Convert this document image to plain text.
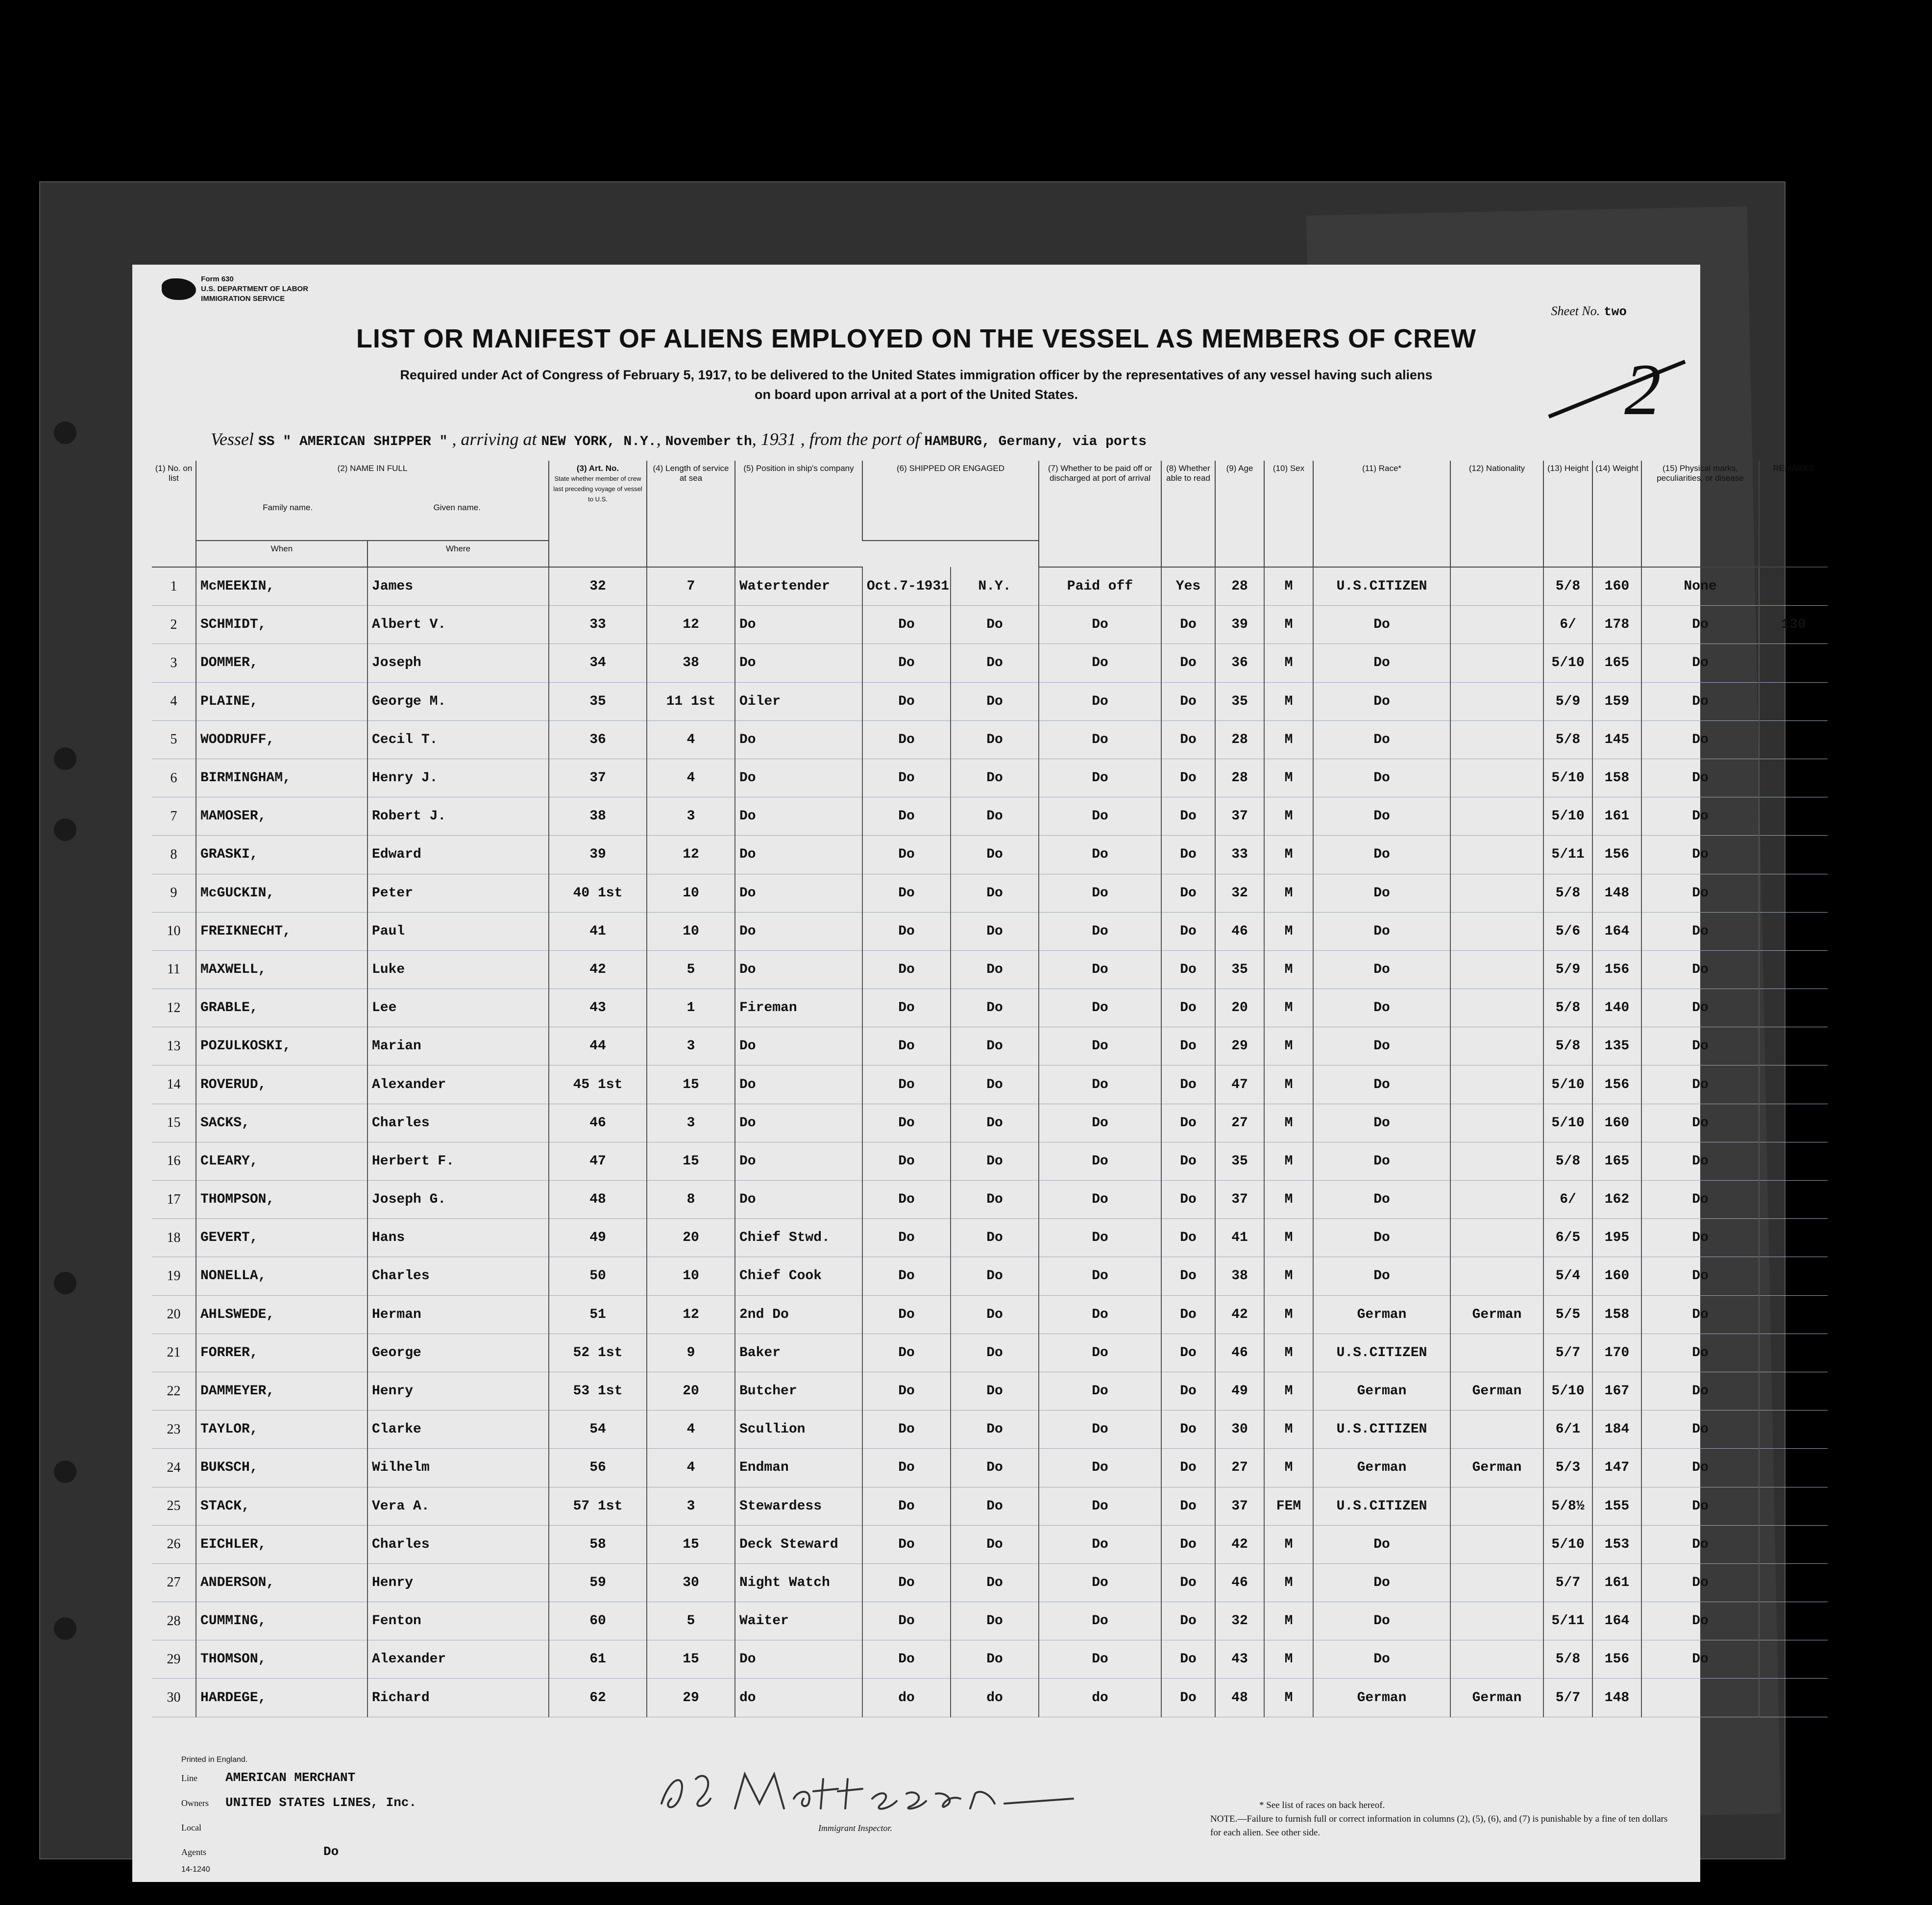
Form 630
U.S. DEPARTMENT OF LABOR
IMMIGRATION SERVICE
Sheet No. two
2
LIST OR MANIFEST OF ALIENS EMPLOYED ON THE VESSEL AS MEMBERS OF CREW
Required under Act of Congress of February 5, 1917, to be delivered to the United States immigration officer by the representatives of any vessel having such aliens
on board upon arrival at a port of the United States.
Vessel SS " AMERICAN SHIPPER " , arriving at NEW YORK, N.Y., November th, 1931 , from the port of HAMBURG, Germany, via ports
(1) No. on list	(2) NAME IN FULL

Family name. Given name.		(3) Art. No.
State whether member of crew last preceding voyage of vessel to U.S.	(4) Length of service at sea	(5) Position in ship's company	(6) SHIPPED OR ENGAGED		(7) Whether to be paid off or discharged at port of arrival	(8) Whether able to read	(9) Age	(10) Sex	(11) Race*	(12) Nationality	(13) Height	(14) Weight	(15) Physical marks, peculiarities, or disease	REMARKS
	When	Where															
1	McMEEKIN,	James	32	7	Watertender	Oct.7-1931	N.Y.	Paid off	Yes	28	M	U.S.CITIZEN		5/8	160	None	
2	SCHMIDT,	Albert V.	33	12	Do	Do	Do	Do	Do	39	M	Do		6/	178	Do	130
3	DOMMER,	Joseph	34	38	Do	Do	Do	Do	Do	36	M	Do		5/10	165	Do	
4	PLAINE,	George M.	35	11 1st	Oiler	Do	Do	Do	Do	35	M	Do		5/9	159	Do	
5	WOODRUFF,	Cecil T.	36	4	Do	Do	Do	Do	Do	28	M	Do		5/8	145	Do	
6	BIRMINGHAM,	Henry J.	37	4	Do	Do	Do	Do	Do	28	M	Do		5/10	158	Do	
7	MAMOSER,	Robert J.	38	3	Do	Do	Do	Do	Do	37	M	Do		5/10	161	Do	
8	GRASKI,	Edward	39	12	Do	Do	Do	Do	Do	33	M	Do		5/11	156	Do	
9	McGUCKIN,	Peter	40 1st	10	Do	Do	Do	Do	Do	32	M	Do		5/8	148	Do	
10	FREIKNECHT,	Paul	41	10	Do	Do	Do	Do	Do	46	M	Do		5/6	164	Do	
11	MAXWELL,	Luke	42	5	Do	Do	Do	Do	Do	35	M	Do		5/9	156	Do	
12	GRABLE,	Lee	43	1	Fireman	Do	Do	Do	Do	20	M	Do		5/8	140	Do	
13	POZULKOSKI,	Marian	44	3	Do	Do	Do	Do	Do	29	M	Do		5/8	135	Do	
14	ROVERUD,	Alexander	45 1st	15	Do	Do	Do	Do	Do	47	M	Do		5/10	156	Do	
15	SACKS,	Charles	46	3	Do	Do	Do	Do	Do	27	M	Do		5/10	160	Do	
16	CLEARY,	Herbert F.	47	15	Do	Do	Do	Do	Do	35	M	Do		5/8	165	Do	
17	THOMPSON,	Joseph G.	48	8	Do	Do	Do	Do	Do	37	M	Do		6/	162	Do	
18	GEVERT,	Hans	49	20	Chief Stwd.	Do	Do	Do	Do	41	M	Do		6/5	195	Do	
19	NONELLA,	Charles	50	10	Chief Cook	Do	Do	Do	Do	38	M	Do		5/4	160	Do	
20	AHLSWEDE,	Herman	51	12	2nd Do	Do	Do	Do	Do	42	M	German	German	5/5	158	Do	
21	FORRER,	George	52 1st	9	Baker	Do	Do	Do	Do	46	M	U.S.CITIZEN		5/7	170	Do	
22	DAMMEYER,	Henry	53 1st	20	Butcher	Do	Do	Do	Do	49	M	German	German	5/10	167	Do	
23	TAYLOR,	Clarke	54	4	Scullion	Do	Do	Do	Do	30	M	U.S.CITIZEN		6/1	184	Do	
24	BUKSCH,	Wilhelm	56	4	Endman	Do	Do	Do	Do	27	M	German	German	5/3	147	Do	
25	STACK,	Vera A.	57 1st	3	Stewardess	Do	Do	Do	Do	37	FEM	U.S.CITIZEN		5/8½	155	Do	
26	EICHLER,	Charles	58	15	Deck Steward	Do	Do	Do	Do	42	M	Do		5/10	153	Do	
27	ANDERSON,	Henry	59	30	Night Watch	Do	Do	Do	Do	46	M	Do		5/7	161	Do	
28	CUMMING,	Fenton	60	5	Waiter	Do	Do	Do	Do	32	M	Do		5/11	164	Do	
29	THOMSON,	Alexander	61	15	Do	Do	Do	Do	Do	43	M	Do		5/8	156	Do	
30	HARDEGE,	Richard	62	29	do	do	do	do	Do	48	M	German	German	5/7	148		
Printed in England.
Line AMERICAN MERCHANT
Owners UNITED STATES LINES, Inc.
Local Agents	Do
14-1240
J.G. Matteson
Immigrant Inspector.
* See list of races on back hereof.
NOTE.—Failure to furnish full or correct information in columns (2), (5), (6), and (7) is punishable by a fine of ten dollars for each alien. See other side.
